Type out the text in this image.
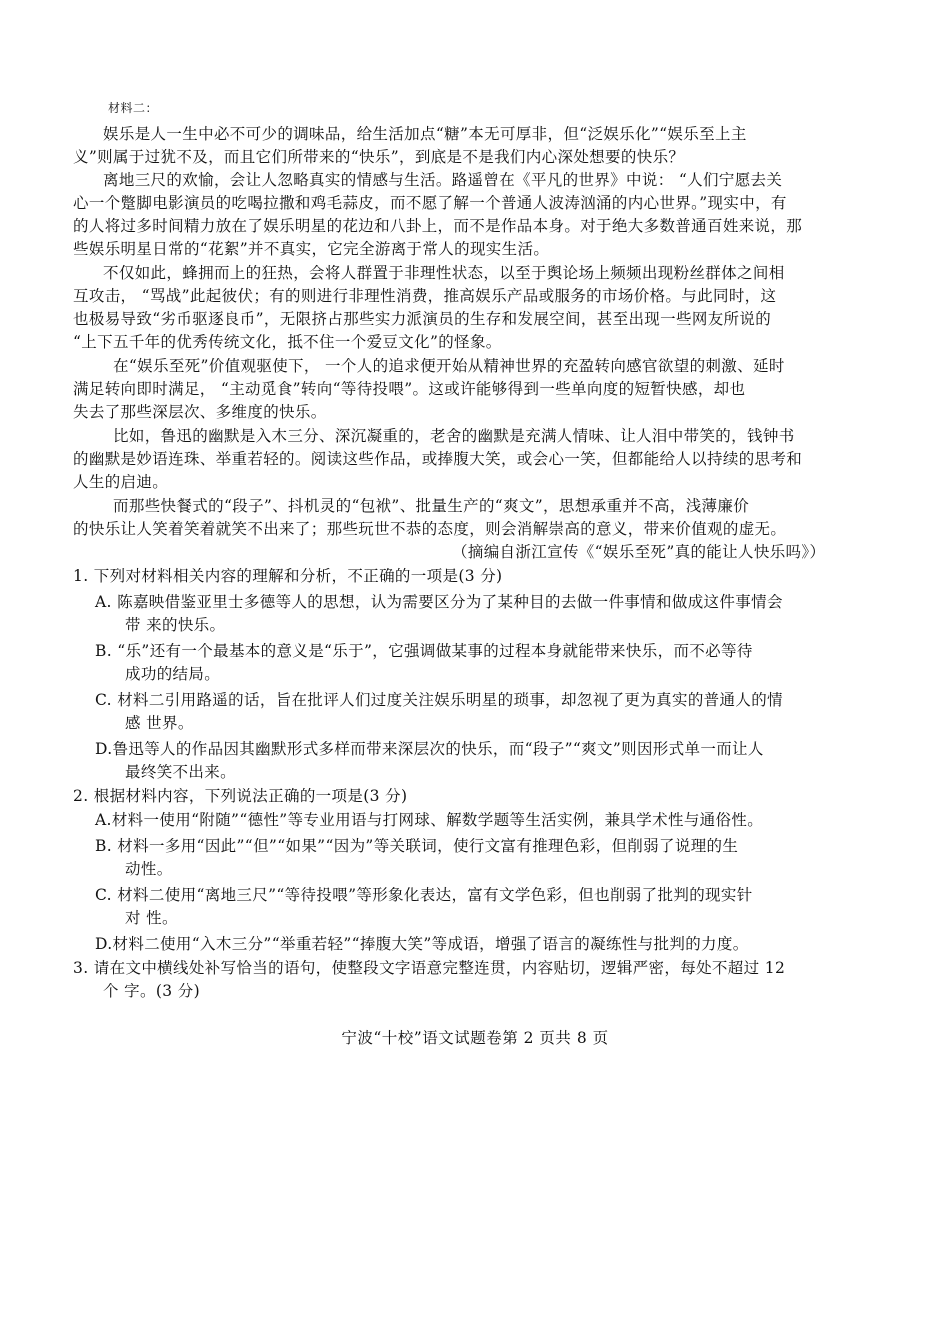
材料二：
娱乐是人一生中必不可少的调味品，给生活加点“糖”本无可厚非，但“泛娱乐化”“娱乐至上主
义”则属于过犹不及，而且它们所带来的“快乐”，到底是不是我们内心深处想要的快乐？
离地三尺的欢愉，会让人忽略真实的情感与生活。路遥曾在《平凡的世界》中说： “人们宁愿去关
心一个蹩脚电影演员的吃喝拉撒和鸡毛蒜皮，而不愿了解一个普通人波涛汹涌的内心世界。”现实中，有
的人将过多时间精力放在了娱乐明星的花边和八卦上，而不是作品本身。对于绝大多数普通百姓来说，那
些娱乐明星日常的“花絮”并不真实，它完全游离于常人的现实生活。
不仅如此，蜂拥而上的狂热，会将人群置于非理性状态，以至于舆论场上频频出现粉丝群体之间相
互攻击， “骂战”此起彼伏；有的则进行非理性消费，推高娱乐产品或服务的市场价格。与此同时，这
也极易导致“劣币驱逐良币”，无限挤占那些实力派演员的生存和发展空间，甚至出现一些网友所说的
“上下五千年的优秀传统文化，抵不住一个爱豆文化”的怪象。
在“娱乐至死”价值观驱使下， 一个人的追求便开始从精神世界的充盈转向感官欲望的刺激、延时
满足转向即时满足， “主动觅食”转向“等待投喂”。这或许能够得到一些单向度的短暂快感，却也
失去了那些深层次、多维度的快乐。
比如，鲁迅的幽默是入木三分、深沉凝重的，老舍的幽默是充满人情味、让人泪中带笑的，钱钟书
的幽默是妙语连珠、举重若轻的。阅读这些作品，或捧腹大笑，或会心一笑，但都能给人以持续的思考和
人生的启迪。
而那些快餐式的“段子”、抖机灵的“包袱”、批量生产的“爽文”，思想承重并不高，浅薄廉价
的快乐让人笑着笑着就笑不出来了；那些玩世不恭的态度，则会消解崇高的意义，带来价值观的虚无。
（摘编自浙江宣传《“娱乐至死”真的能让人快乐吗》）
1. 下列对材料相关内容的理解和分析，不正确的一项是(3 分)
A. 陈嘉映借鉴亚里士多德等人的思想，认为需要区分为了某种目的去做一件事情和做成这件事情会
带 来的快乐。
B. “乐”还有一个最基本的意义是“乐于”，它强调做某事的过程本身就能带来快乐，而不必等待
成功的结局。
C. 材料二引用路遥的话，旨在批评人们过度关注娱乐明星的琐事，却忽视了更为真实的普通人的情
感 世界。
D.鲁迅等人的作品因其幽默形式多样而带来深层次的快乐，而“段子”“爽文”则因形式单一而让人
最终笑不出来。
2. 根据材料内容，下列说法正确的一项是(3 分)
A.材料一使用“附随”“德性”等专业用语与打网球、解数学题等生活实例，兼具学术性与通俗性。
B. 材料一多用“因此”“但”“如果”“因为”等关联词，使行文富有推理色彩，但削弱了说理的生
动性。
C. 材料二使用“离地三尺”“等待投喂”等形象化表达，富有文学色彩，但也削弱了批判的现实针
对 性。
D.材料二使用“入木三分”“举重若轻”“捧腹大笑”等成语，增强了语言的凝练性与批判的力度。
3. 请在文中横线处补写恰当的语句，使整段文字语意完整连贯，内容贴切，逻辑严密，每处不超过 12
个 字。(3 分)
宁波“十校”语文试题卷第 2 页共 8 页
